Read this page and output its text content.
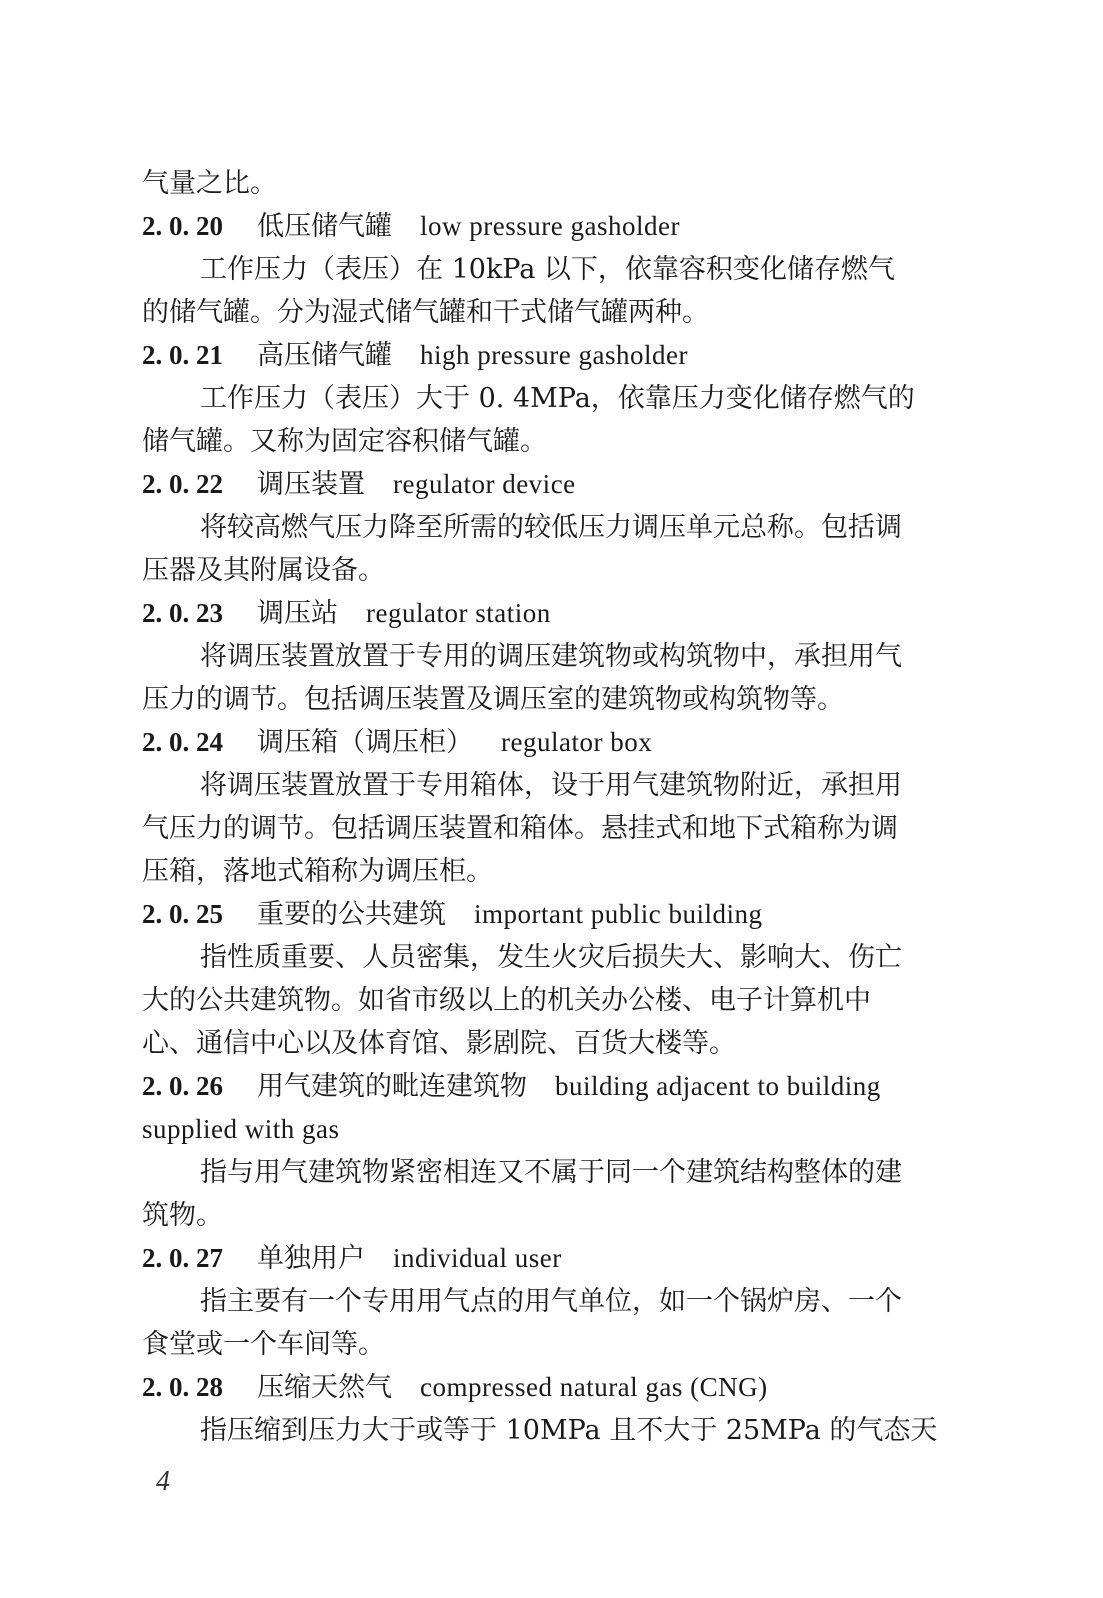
气量之比。
2. 0. 20 低压储气罐 low pressure gasholder
工作压力（表压）在 10kPa 以下，依靠容积变化储存燃气
的储气罐。分为湿式储气罐和干式储气罐两种。
2. 0. 21 高压储气罐 high pressure gasholder
工作压力（表压）大于 0. 4MPa，依靠压力变化储存燃气的
储气罐。又称为固定容积储气罐。
2. 0. 22 调压装置 regulator device
将较高燃气压力降至所需的较低压力调压单元总称。包括调
压器及其附属设备。
2. 0. 23 调压站 regulator station
将调压装置放置于专用的调压建筑物或构筑物中，承担用气
压力的调节。包括调压装置及调压室的建筑物或构筑物等。
2. 0. 24 调压箱（调压柜） regulator box
将调压装置放置于专用箱体，设于用气建筑物附近，承担用
气压力的调节。包括调压装置和箱体。悬挂式和地下式箱称为调
压箱，落地式箱称为调压柜。
2. 0. 25 重要的公共建筑 important public building
指性质重要、人员密集，发生火灾后损失大、影响大、伤亡
大的公共建筑物。如省市级以上的机关办公楼、电子计算机中
心、通信中心以及体育馆、影剧院、百货大楼等。
2. 0. 26 用气建筑的毗连建筑物 building adjacent to building
supplied with gas
指与用气建筑物紧密相连又不属于同一个建筑结构整体的建
筑物。
2. 0. 27 单独用户 individual user
指主要有一个专用用气点的用气单位，如一个锅炉房、一个
食堂或一个车间等。
2. 0. 28 压缩天然气 compressed natural gas (CNG)
指压缩到压力大于或等于 10MPa 且不大于 25MPa 的气态天
4
